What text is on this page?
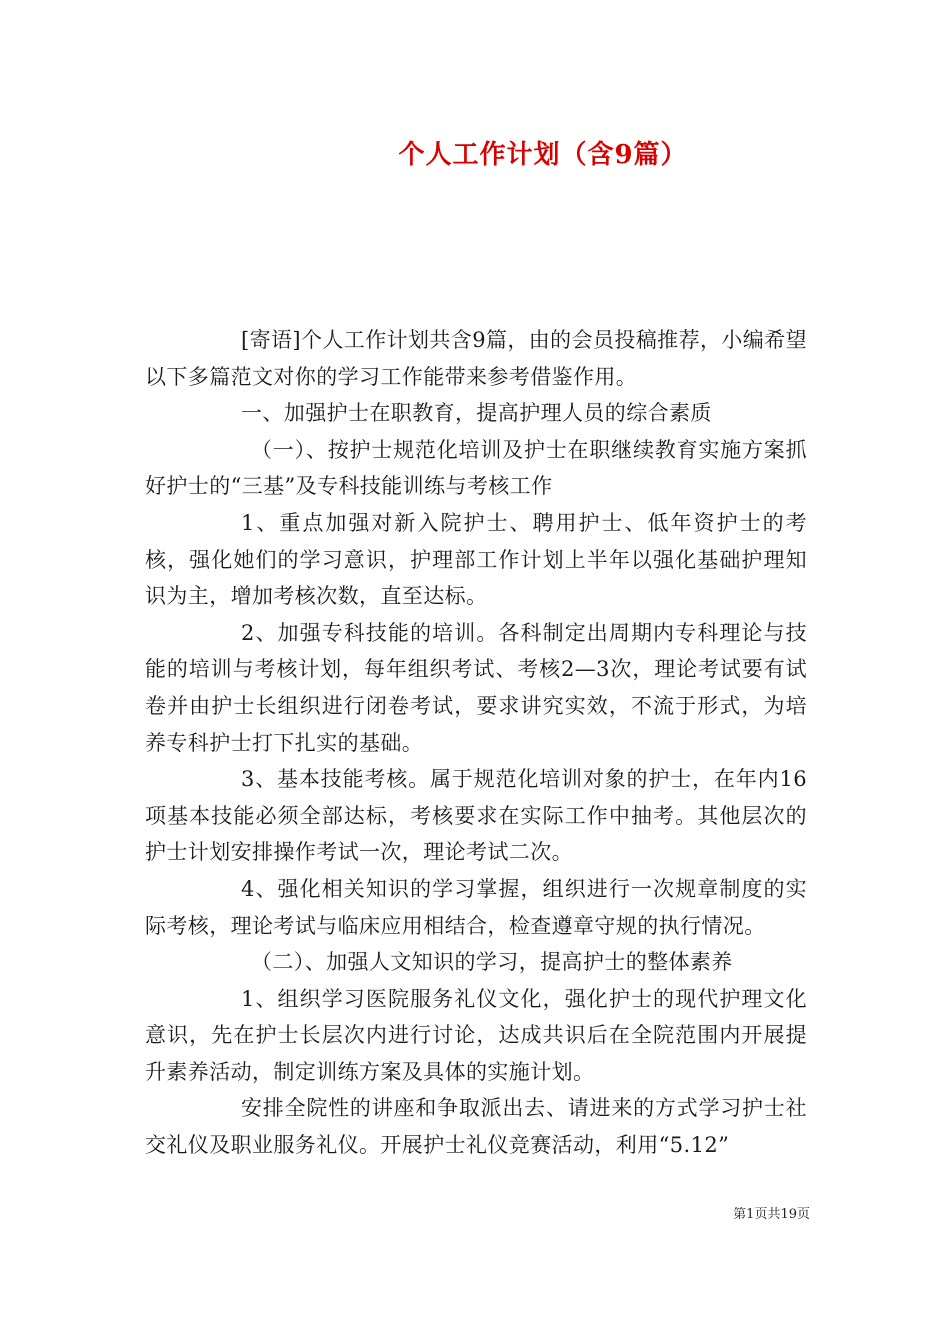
个人工作计划（含9篇）

[寄语]个人工作计划共含9篇，由的会员投稿推荐，小编希望以下多篇范文对你的学习工作能带来参考借鉴作用。

一、加强护士在职教育，提高护理人员的综合素质

（一）、按护士规范化培训及护士在职继续教育实施方案抓好护士的“三基”及专科技能训练与考核工作

1、重点加强对新入院护士、聘用护士、低年资护士的考核，强化她们的学习意识，护理部工作计划上半年以强化基础护理知识为主，增加考核次数，直至达标。

2、加强专科技能的培训。各科制定出周期内专科理论与技能的培训与考核计划，每年组织考试、考核2—3次，理论考试要有试卷并由护士长组织进行闭卷考试，要求讲究实效，不流于形式，为培养专科护士打下扎实的基础。

3、基本技能考核。属于规范化培训对象的护士，在年内16项基本技能必须全部达标，考核要求在实际工作中抽考。其他层次的护士计划安排操作考试一次，理论考试二次。

4、强化相关知识的学习掌握，组织进行一次规章制度的实际考核，理论考试与临床应用相结合，检查遵章守规的执行情况。

（二）、加强人文知识的学习，提高护士的整体素养

1、组织学习医院服务礼仪文化，强化护士的现代护理文化意识，先在护士长层次内进行讨论，达成共识后在全院范围内开展提升素养活动，制定训练方案及具体的实施计划。

安排全院性的讲座和争取派出去、请进来的方式学习护士社交礼仪及职业服务礼仪。开展护士礼仪竞赛活动，利用“5.12”

第1页共19页
